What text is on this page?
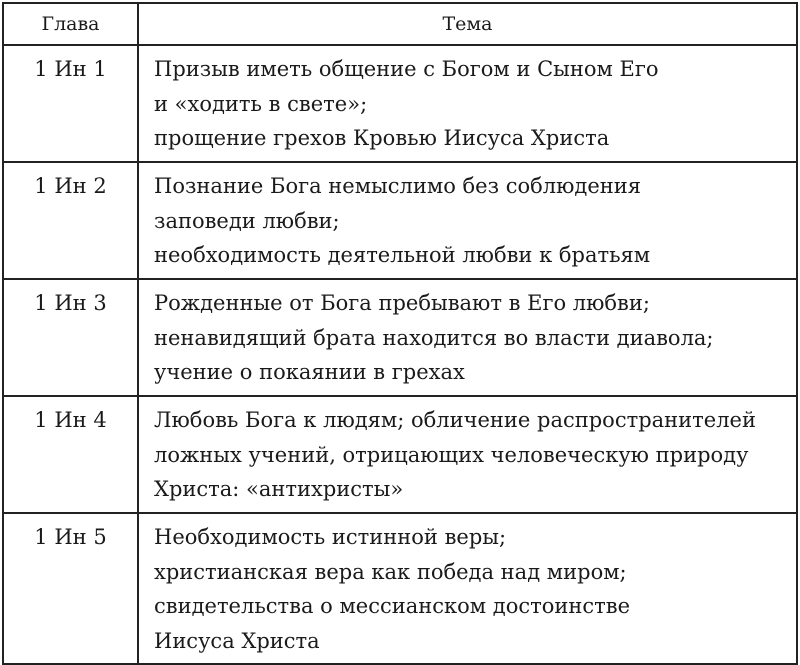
Глава	Тема
1 Ин 1	Призыв иметь общение с Богом и Сыном Его
и «ходить в свете»;
прощение грехов Кровью Иисуса Христа

1 Ин 2	Познание Бога немыслимо без соблюдения
заповеди любви;
необходимость деятельной любви к братьям

1 Ин 3	Рожденные от Бога пребывают в Его любви;
ненавидящий брата находится во власти диавола;
учение о покаянии в грехах

1 Ин 4	Любовь Бога к людям; обличение распространителей
ложных учений, отрицающих человеческую природу
Христа: «антихристы»

1 Ин 5	Необходимость истинной веры;
христианская вера как победа над миром;
свидетельства о мессианском достоинстве
Иисуса Христа
